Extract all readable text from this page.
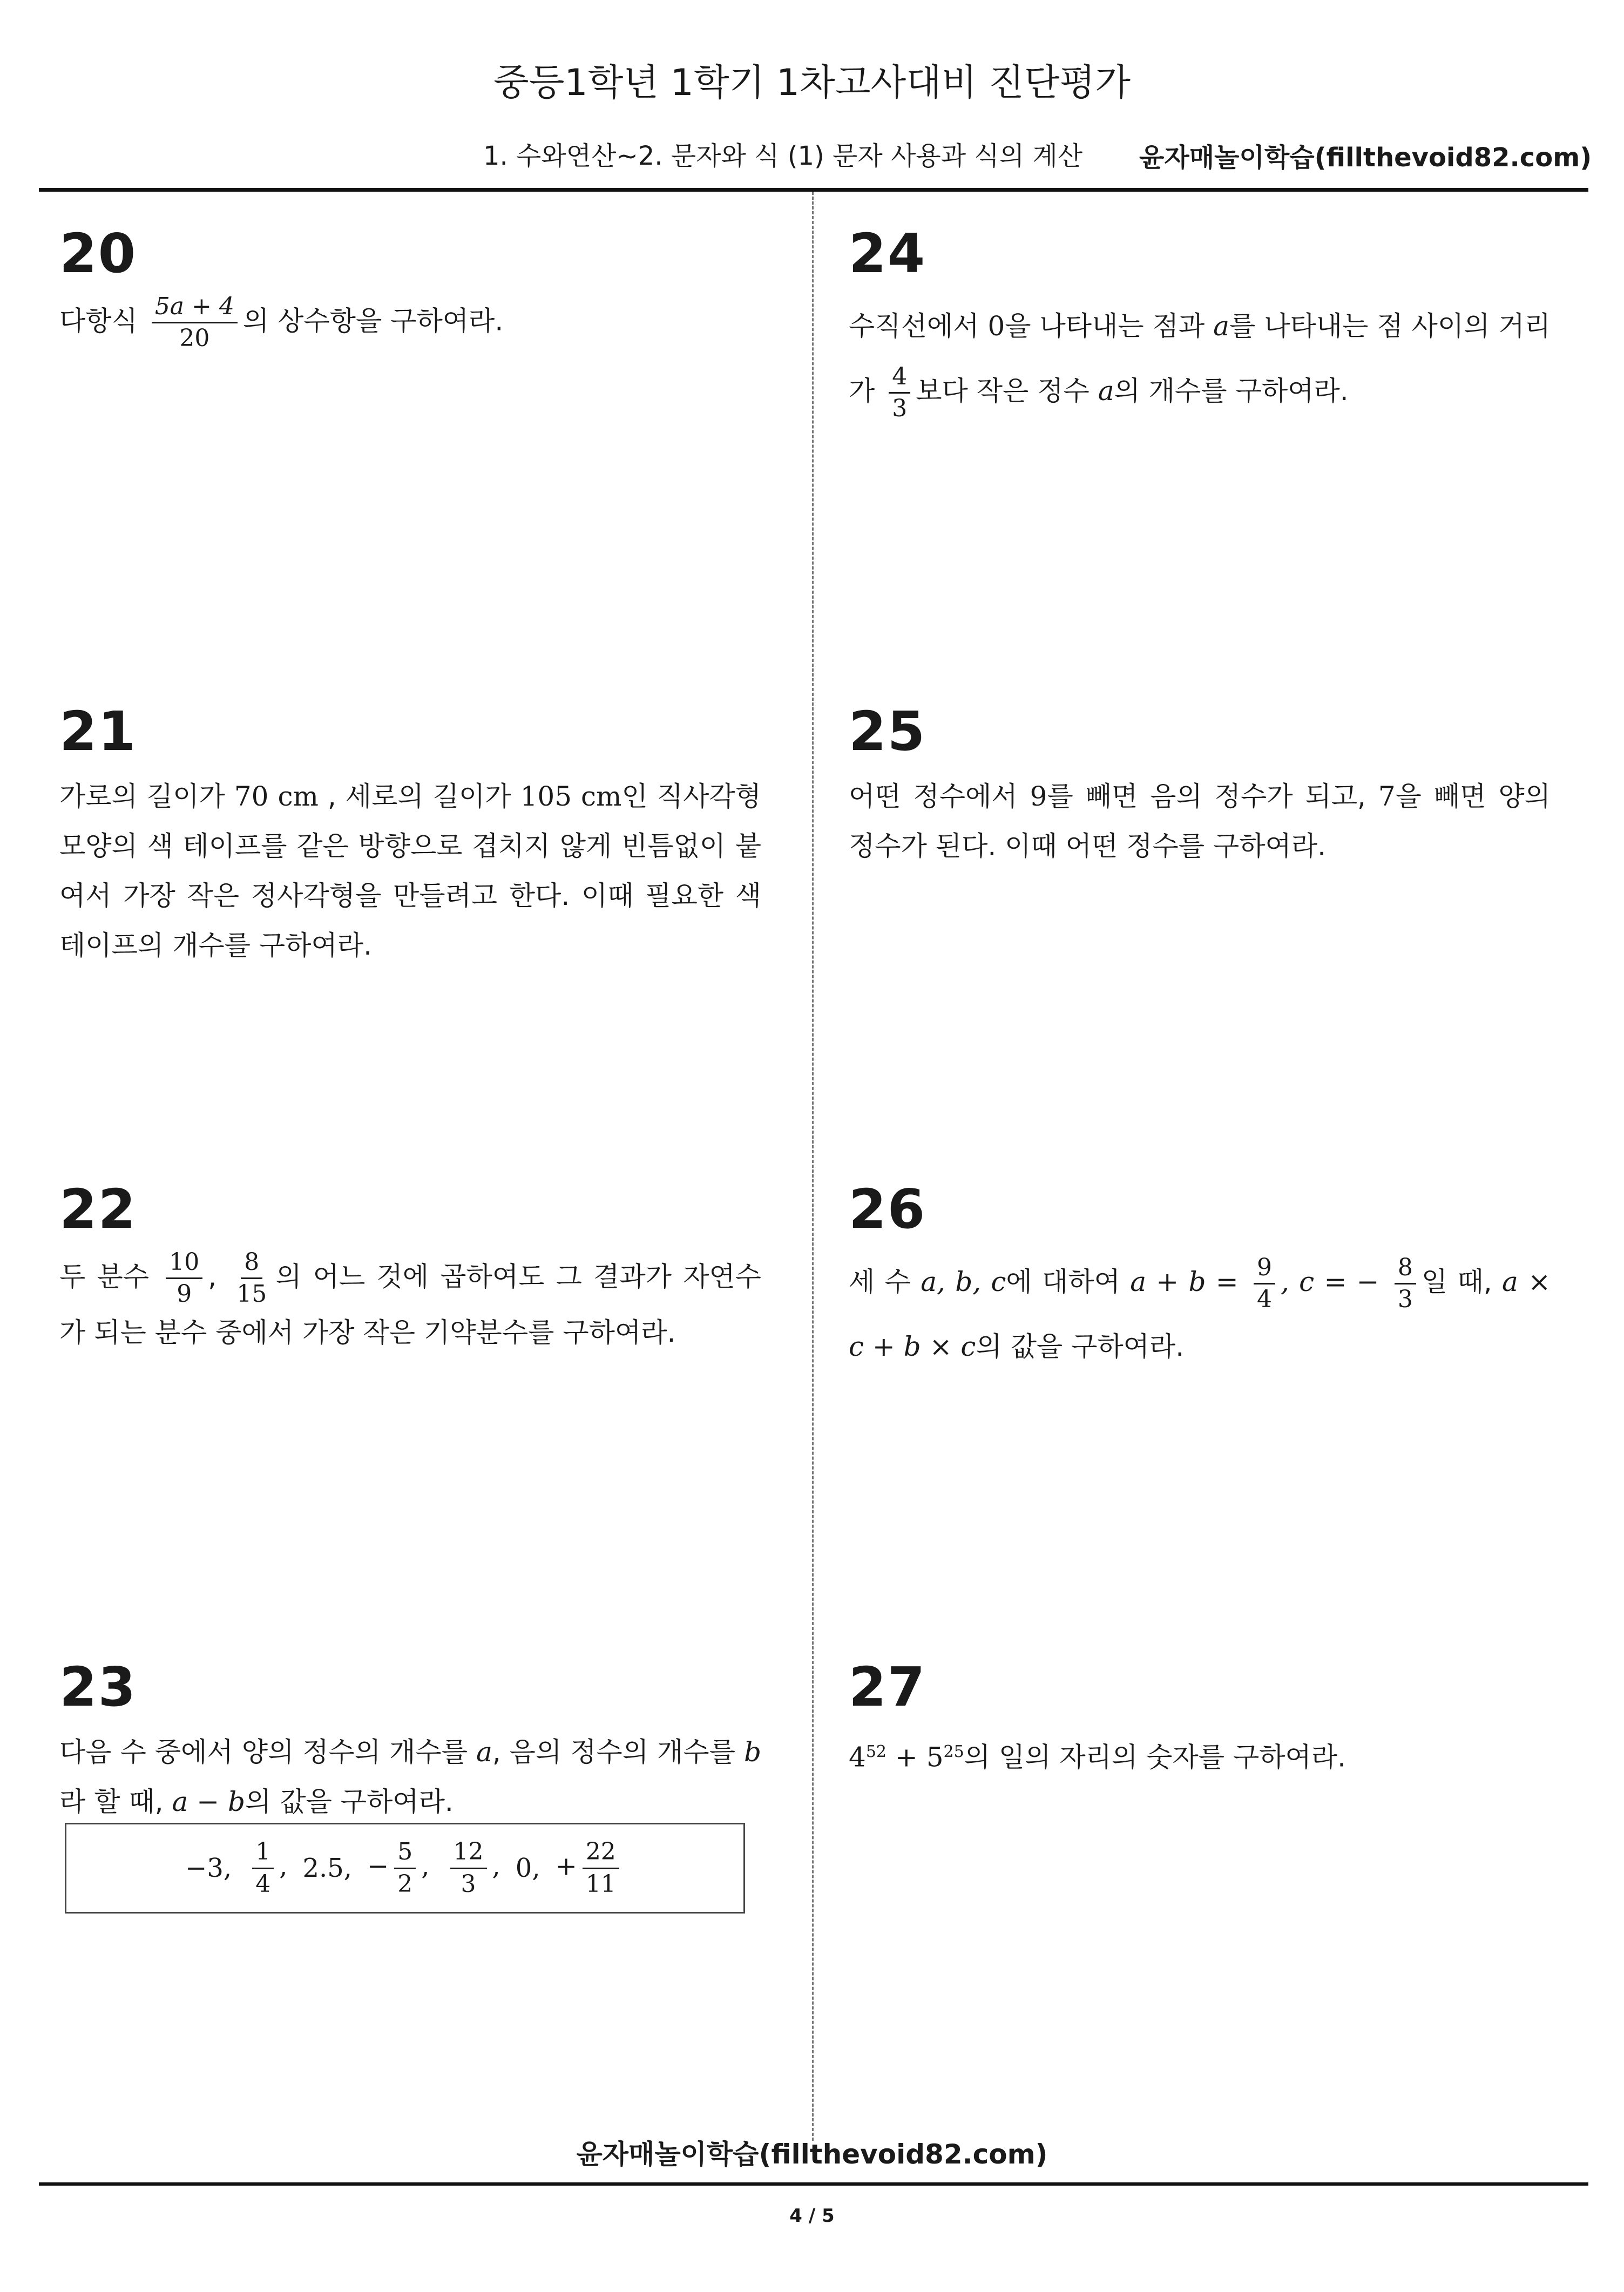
중등1학년 1학기 1차고사대비 진단평가
1. 수와연산~2. 문자와 식 (1) 문자 사용과 식의 계산 윤자매놀이학습(fillthevoid82.com)
20
다항식 $\frac{5a + 4}{20}$ 의 상수항을 구하여라.
21
가로의 길이가 70 cm , 세로의 길이가 105 cm인 직사각형 모양의 색 테이프를 같은 방향으로 겹치지 않게 빈틈없이 붙여서 가장 작은 정사각형을 만들려고 한다. 이때 필요한 색 테이프의 개수를 구하여라.
22
두 분수 $\frac{10}{9}$ , $\frac{8}{15}$ 의 어느 것에 곱하여도 그 결과가 자연수가 되는 분수 중에서 가장 작은 기약분수를 구하여라.
23
다음 수 중에서 양의 정수의 개수를 a, 음의 정수의 개수를 b라 할 때, a − b의 값을 구하여라.
−3, $\frac{1}{4}$ , 2.5, − $\frac{5}{2}$ , $\frac{12}{3}$ , 0, + $\frac{22}{11}$
24
수직선에서 0을 나타내는 점과 a를 나타내는 점 사이의 거리가 $\frac{4}{3}$ 보다 작은 정수 a의 개수를 구하여라.
25
어떤 정수에서 9를 빼면 음의 정수가 되고, 7을 빼면 양의 정수가 된다. 이때 어떤 정수를 구하여라.
26
세 수 a, b, c에 대하여 $a + b = \frac{9}{4}$ , c = − $\frac{8}{3}$ 일 때, a × c + b × c의 값을 구하여라.
27
$4^{52} + 5^{25}$의 일의 자리의 숫자를 구하여라.
윤자매놀이학습(fillthevoid82.com)
4 / 5
